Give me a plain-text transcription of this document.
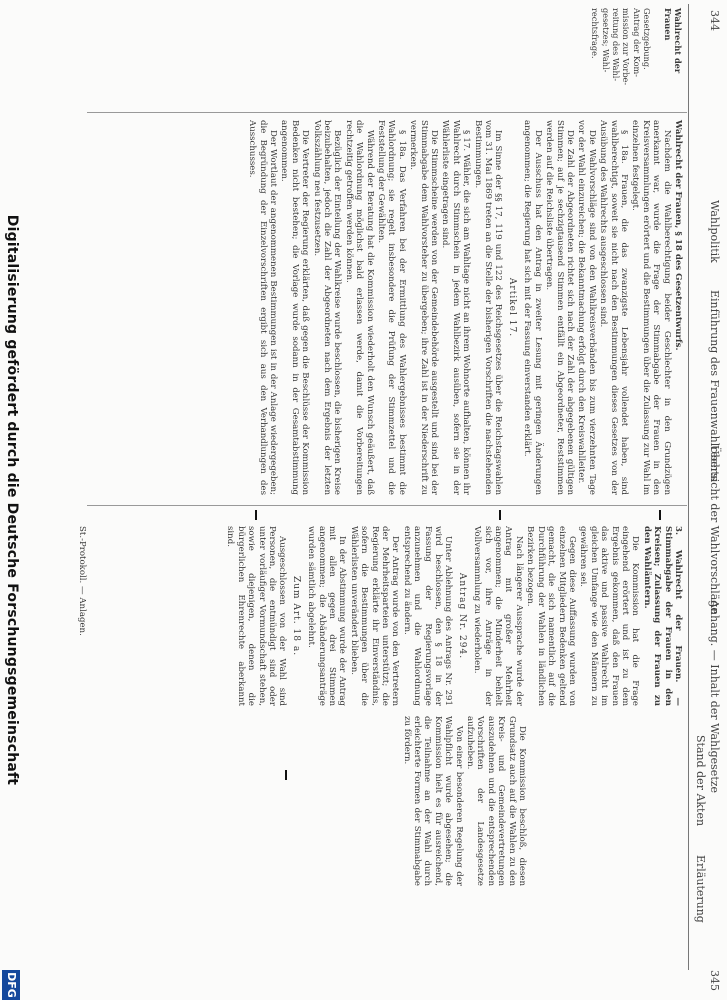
344
Wahlpolitik
Einführung des Frauenwahlrechts
Übersicht der Wahlvorschläge
Anhang. — Inhalt der Wahlgesetze
Stand der Akten
Erläuterung
345
Wahlrecht der Frauen
Gesetzgebung.
Antrag der Kom-
mission zur Vorbe-
reitung des Wahl-
gesetzes; Wahl-
rechtsfrage.

Wahlrecht der Frauen, § 18 des Gesetzentwurfs.

Nachdem die Wahlberechtigung beider Geschlechter in den Grundzügen anerkannt war, wurde die Frage der Stimmabgabe der Frauen in den Kreisversammlungen erörtert und die Bestimmungen über die Zulassung zur Wahl im einzelnen festgelegt.

§ 18a. Frauen, die das zwanzigste Lebensjahr vollendet haben, sind wahlberechtigt, soweit sie nicht nach den Bestimmungen dieses Gesetzes von der Ausübung des Wahlrechts ausgeschlossen sind.

Die Wahlvorschläge sind von den Wahlkreisverbänden bis zum vierzehnten Tage vor der Wahl einzureichen; die Bekanntmachung erfolgt durch den Kreiswahlleiter.

Die Zahl der Abgeordneten richtet sich nach der Zahl der abgegebenen gültigen Stimmen; auf je sechzigtausend Stimmen entfällt ein Abgeordneter, Reststimmen werden auf die Reichsliste übertragen.

Der Ausschuss hat den Antrag in zweiter Lesung mit geringen Änderungen angenommen; die Regierung hat sich mit der Fassung einverstanden erklärt.

Artikel 17.

Im Sinne der §§ 17, 119 und 122 des Reichsgesetzes über die Reichstagswahlen vom 31. Mai 1869 treten an die Stelle der bisherigen Vorschriften die nachstehenden Bestimmungen.

§ 17. Wähler, die sich am Wahltage nicht an ihrem Wohnorte aufhalten, können ihr Wahlrecht durch Stimmschein in jedem Wahlbezirk ausüben, sofern sie in der Wählerliste eingetragen sind.

Die Stimmscheine werden von der Gemeindebehörde ausgestellt und sind bei der Stimmabgabe dem Wahlvorsteher zu übergeben; ihre Zahl ist in der Niederschrift zu vermerken.

§ 18a. Das Verfahren bei der Ermittlung des Wahlergebnisses bestimmt die Wahlordnung; sie regelt insbesondere die Prüfung der Stimmzettel und die Feststellung der Gewählten.

Während der Beratung hat die Kommission wiederholt den Wunsch geäußert, daß die Wahlordnung möglichst bald erlassen werde, damit die Vorbereitungen rechtzeitig getroffen werden können.

Bezüglich der Einteilung der Wahlkreise wurde beschlossen, die bisherigen Kreise beizubehalten, jedoch die Zahl der Abgeordneten nach dem Ergebnis der letzten Volkszählung neu festzusetzen.

Die Vertreter der Regierung erklärten, daß gegen die Beschlüsse der Kommission Bedenken nicht bestehen; die Vorlage wurde sodann in der Gesamtabstimmung angenommen.

Der Wortlaut der angenommenen Bestimmungen ist in der Anlage wiedergegeben; die Begründung der Einzelvorschriften ergibt sich aus den Verhandlungen des Ausschusses.

3. Wahlrecht der Frauen. — Stimmabgabe der Frauen in den Kreisen; Zulassung der Frauen zu den Wahlämtern.

Die Kommission hat die Frage eingehend erörtert und ist zu dem Ergebnis gekommen, daß den Frauen das aktive und passive Wahlrecht im gleichen Umfange wie den Männern zu gewähren sei.

Gegen diese Auffassung wurden von einzelnen Mitgliedern Bedenken geltend gemacht, die sich namentlich auf die Durchführung der Wahlen in ländlichen Bezirken bezogen.

Nach längerer Aussprache wurde der Antrag mit großer Mehrheit angenommen; die Minderheit behielt sich vor, ihre Anträge in der Vollversammlung zu wiederholen.

Antrag Nr. 294.

Unter Ablehnung des Antrags Nr. 291 wird beschlossen, den § 18 in der Fassung der Regierungsvorlage anzunehmen und die Wahlordnung entsprechend zu ändern.

Der Antrag wurde von den Vertretern der Mehrheitsparteien unterstützt; die Regierung erklärte ihr Einverständnis, sofern die Bestimmungen über die Wählerlisten unverändert blieben.

In der Abstimmung wurde der Antrag mit allen gegen drei Stimmen angenommen; die Abänderungsanträge wurden sämtlich abgelehnt.

Zum Art. 18 a.

Ausgeschlossen von der Wahl sind Personen, die entmündigt sind oder unter vorläufiger Vormundschaft stehen, sowie diejenigen, denen die bürgerlichen Ehrenrechte aberkannt sind.

Die Kommission beschloß, diesen Grundsatz auch auf die Wahlen zu den Kreis- und Gemeindevertretungen auszudehnen und die entsprechenden Vorschriften der Landesgesetze aufzuheben.

Von einer besonderen Regelung der Wahlpflicht wurde abgesehen; die Kommission hielt es für ausreichend, die Teilnahme an der Wahl durch erleichterte Formen der Stimmabgabe zu fördern.

St.-Protokoll. — Anlagen.

Digitalisierung gefördert durch die Deutsche Forschungsgemeinschaft
DFG
